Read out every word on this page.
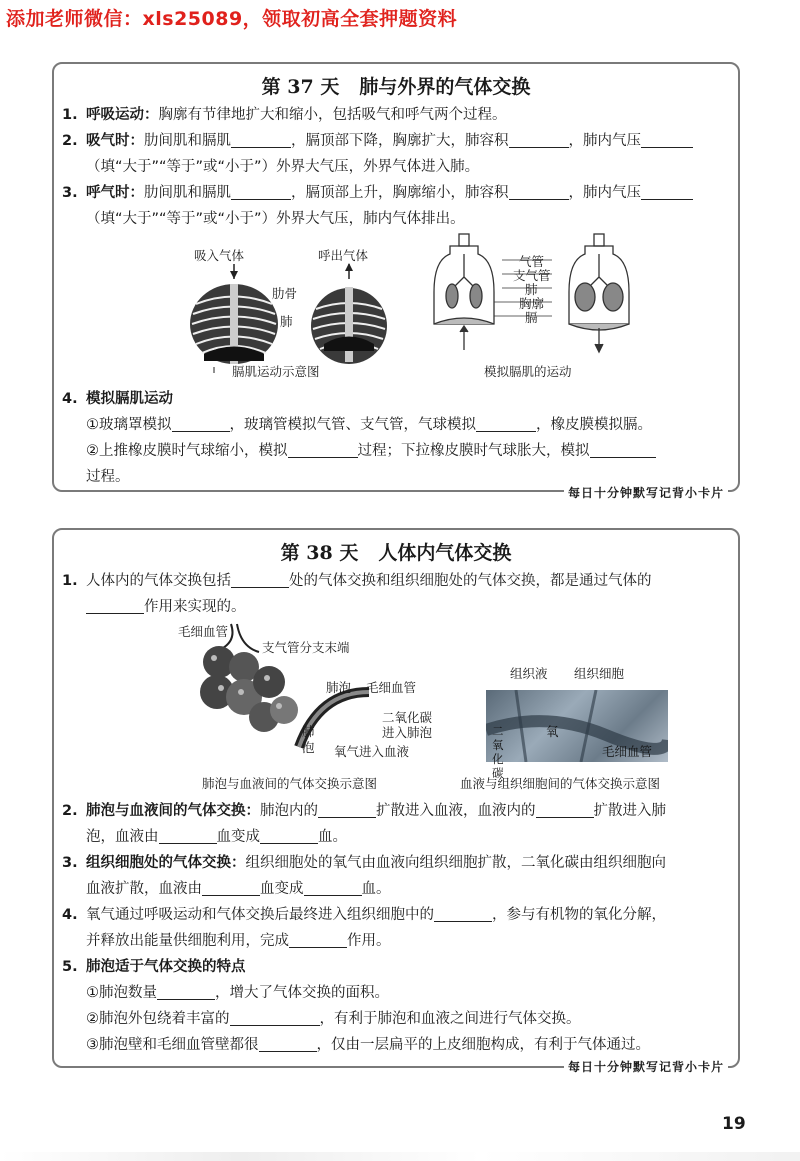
添加老师微信：xls25089，领取初高全套押题资料
第 37 天 肺与外界的气体交换
1. 呼吸运动：胸廓有节律地扩大和缩小，包括吸气和呼气两个过程。
2. 吸气时：肋间肌和膈肌	，膈顶部下降，胸廓扩大，肺容积	，肺内气压
（填“大于”“等于”或“小于”）外界大气压，外界气体进入肺。
3. 呼气时：肋间肌和膈肌	，膈顶部上升，胸廓缩小，肺容积	，肺内气压
（填“大于”“等于”或“小于”）外界大气压，肺内气体排出。
吸入气体	呼出气体
肋骨
肺
膈肌运动示意图
气管
支气管
肺
胸廓
膈
模拟膈肌的运动
4. 模拟膈肌运动
①玻璃罩模拟	，玻璃管模拟气管、支气管，气球模拟	，橡皮膜模拟膈。
②上推橡皮膜时气球缩小，模拟	过程；下拉橡皮膜时气球胀大，模拟
过程。
每日十分钟默写记背小卡片
第 38 天 人体内气体交换
1. 人体内的气体交换包括	处的气体交换和组织细胞处的气体交换，都是通过气体的
作用来实现的。
毛细血管
支气管分支末端
肺泡 毛细血管
肺泡
二氧化碳进入肺泡
氧气进入血液
肺泡与血液间的气体交换示意图
组织液 组织细胞
氧
二氧化碳
毛细血管
血液与组织细胞间的气体交换示意图
2. 肺泡与血液间的气体交换：肺泡内的	扩散进入血液，血液内的	扩散进入肺
泡，血液由	血变成	血。
3. 组织细胞处的气体交换：组织细胞处的氧气由血液向组织细胞扩散，二氧化碳由组织细胞向
血液扩散，血液由	血变成	血。
4. 氧气通过呼吸运动和气体交换后最终进入组织细胞中的	，参与有机物的氧化分解，
并释放出能量供细胞利用，完成	作用。
5. 肺泡适于气体交换的特点
①肺泡数量	，增大了气体交换的面积。
②肺泡外包绕着丰富的	，有利于肺泡和血液之间进行气体交换。
③肺泡壁和毛细血管壁都很	，仅由一层扁平的上皮细胞构成，有利于气体通过。
每日十分钟默写记背小卡片
19
